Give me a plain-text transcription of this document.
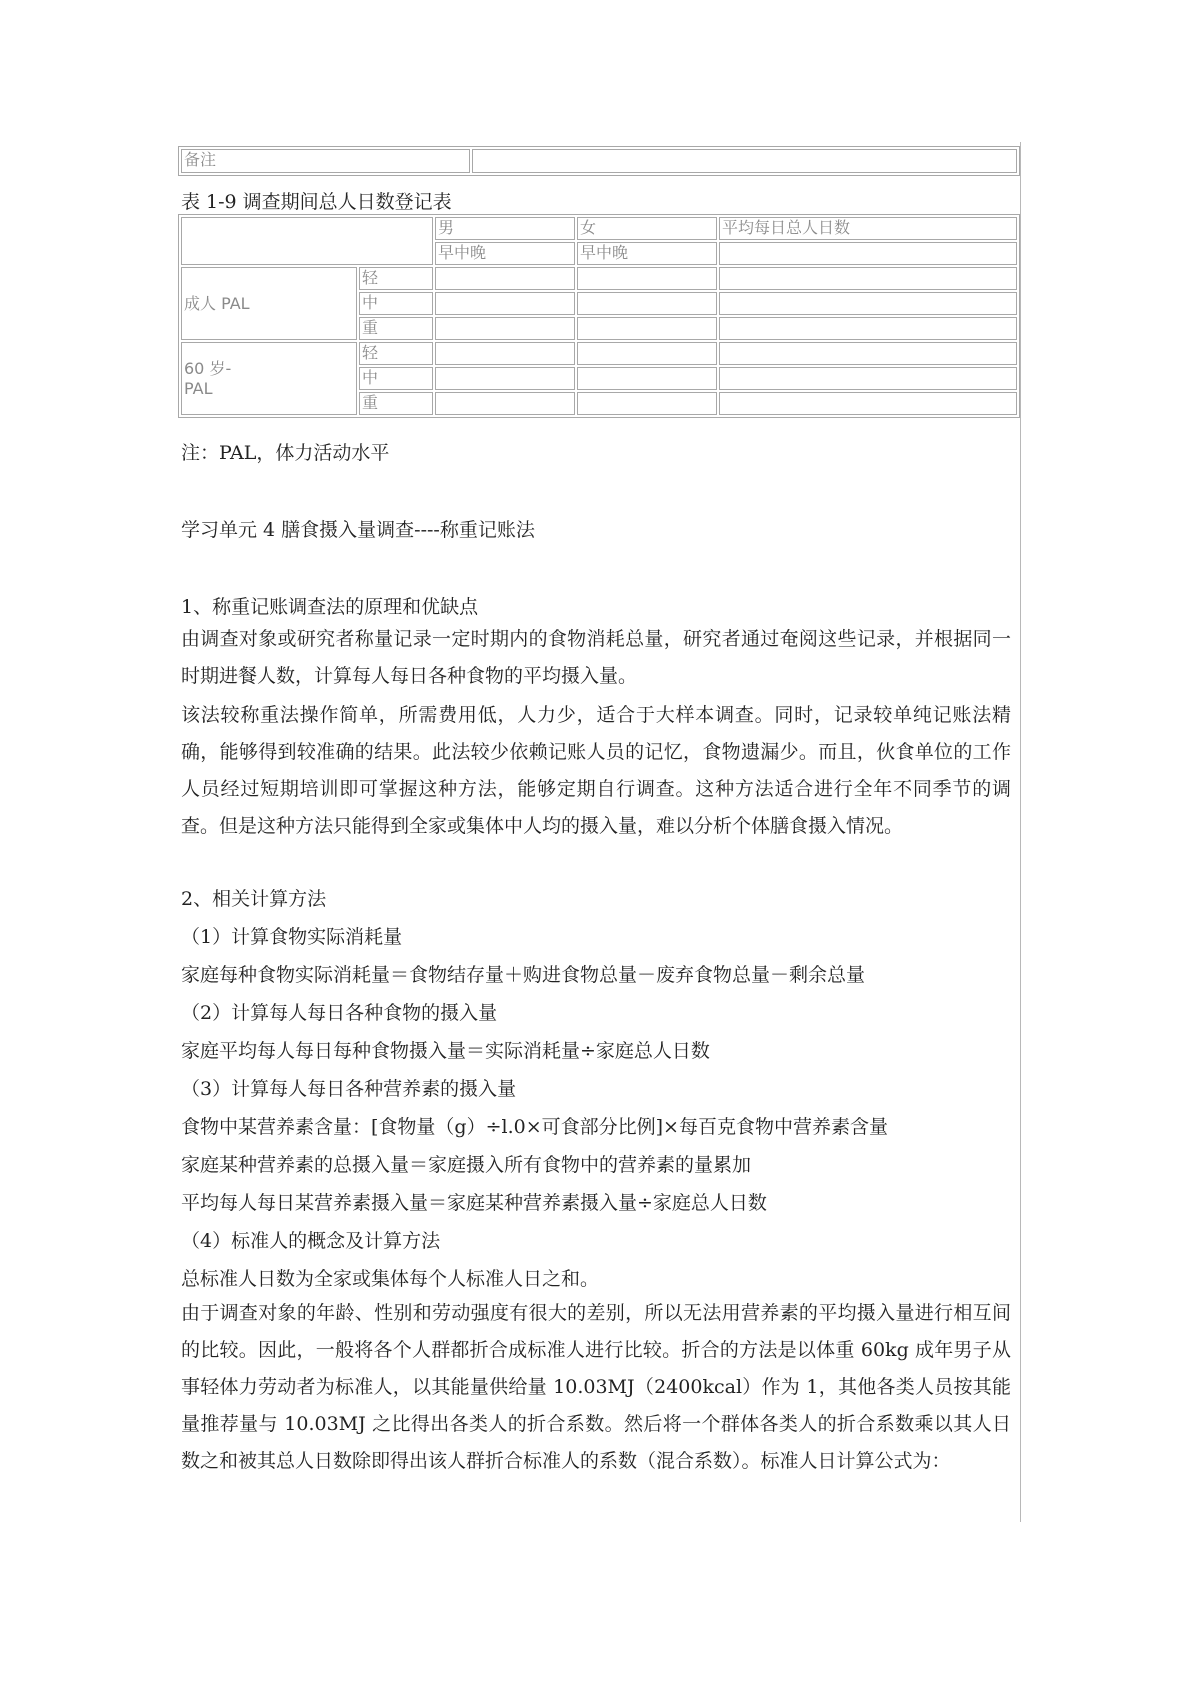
备注	
表 1-9 调查期间总人日数登记表
		男	女	平均每日总人日数
		早中晚	早中晚	
成人 PAL	轻			
	中			
	重			

60 岁-
PAL	轻			
	中			
	重			
注：PAL，体力活动水平
学习单元 4 膳食摄入量调查----称重记账法
1、称重记账调查法的原理和优缺点
由调查对象或研究者称量记录一定时期内的食物消耗总量，研究者通过奄阅这些记录，并根据同一时期进餐人数，计算每人每日各种食物的平均摄入量。
该法较称重法操作简单，所需费用低，人力少，适合于大样本调查。同时，记录较单纯记账法精确，能够得到较准确的结果。此法较少依赖记账人员的记忆，食物遗漏少。而且，伙食单位的工作人员经过短期培训即可掌握这种方法，能够定期自行调查。这种方法适合进行全年不同季节的调查。但是这种方法只能得到全家或集体中人均的摄入量，难以分析个体膳食摄入情况。
2、相关计算方法
（1）计算食物实际消耗量
家庭每种食物实际消耗量＝食物结存量＋购进食物总量－废弃食物总量－剩余总量
（2）计算每人每日各种食物的摄入量
家庭平均每人每日每种食物摄入量＝实际消耗量÷家庭总人日数
（3）计算每人每日各种营养素的摄入量
食物中某营养素含量：[食物量（g）÷l.0×可食部分比例]×每百克食物中营养素含量
家庭某种营养素的总摄入量＝家庭摄入所有食物中的营养素的量累加
平均每人每日某营养素摄入量＝家庭某种营养素摄入量÷家庭总人日数
（4）标准人的概念及计算方法
总标准人日数为全家或集体每个人标准人日之和。
由于调查对象的年龄、性别和劳动强度有很大的差别，所以无法用营养素的平均摄入量进行相互间的比较。因此，一般将各个人群都折合成标准人进行比较。折合的方法是以体重 60kg 成年男子从事轻体力劳动者为标准人，以其能量供给量 10.03MJ（2400kcal）作为 1，其他各类人员按其能量推荐量与 10.03MJ 之比得出各类人的折合系数。然后将一个群体各类人的折合系数乘以其人日数之和被其总人日数除即得出该人群折合标准人的系数（混合系数）。标准人日计算公式为：
